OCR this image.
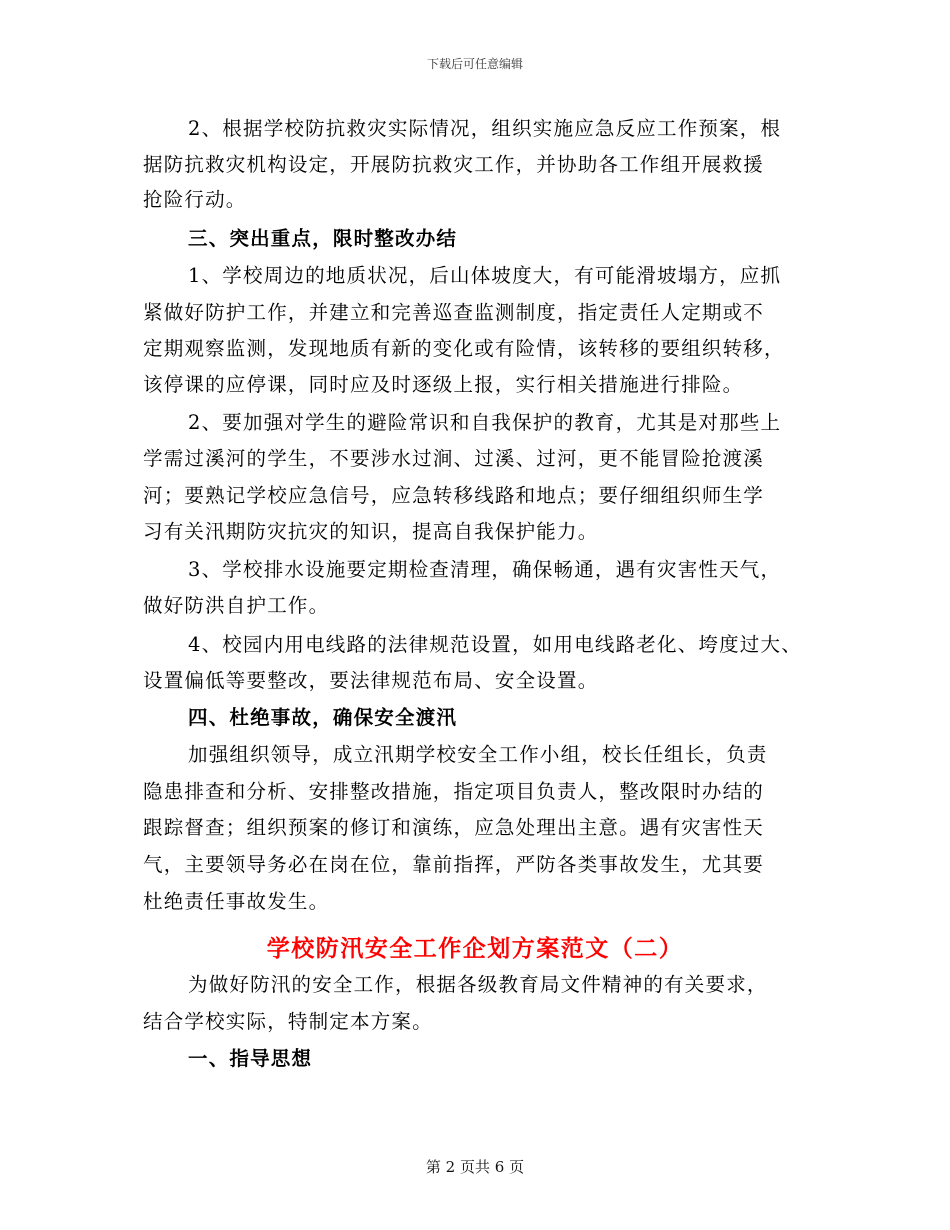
下载后可任意编辑
2、根据学校防抗救灾实际情况，组织实施应急反应工作预案，根
据防抗救灾机构设定，开展防抗救灾工作，并协助各工作组开展救援
抢险行动。
三、突出重点，限时整改办结
1、学校周边的地质状况，后山体坡度大，有可能滑坡塌方，应抓
紧做好防护工作，并建立和完善巡查监测制度，指定责任人定期或不
定期观察监测，发现地质有新的变化或有险情，该转移的要组织转移，
该停课的应停课，同时应及时逐级上报，实行相关措施进行排险。
2、要加强对学生的避险常识和自我保护的教育，尤其是对那些上
学需过溪河的学生，不要涉水过涧、过溪、过河，更不能冒险抢渡溪
河；要熟记学校应急信号，应急转移线路和地点；要仔细组织师生学
习有关汛期防灾抗灾的知识，提高自我保护能力。
3、学校排水设施要定期检查清理，确保畅通，遇有灾害性天气，
做好防洪自护工作。
4、校园内用电线路的法律规范设置，如用电线路老化、垮度过大、
设置偏低等要整改，要法律规范布局、安全设置。
四、杜绝事故，确保安全渡汛
加强组织领导，成立汛期学校安全工作小组，校长任组长，负责
隐患排查和分析、安排整改措施，指定项目负责人，整改限时办结的
跟踪督查；组织预案的修订和演练，应急处理出主意。遇有灾害性天
气，主要领导务必在岗在位，靠前指挥，严防各类事故发生，尤其要
杜绝责任事故发生。
学校防汛安全工作企划方案范文（二）
为做好防汛的安全工作，根据各级教育局文件精神的有关要求，
结合学校实际，特制定本方案。
一、指导思想
第 2 页共 6 页
